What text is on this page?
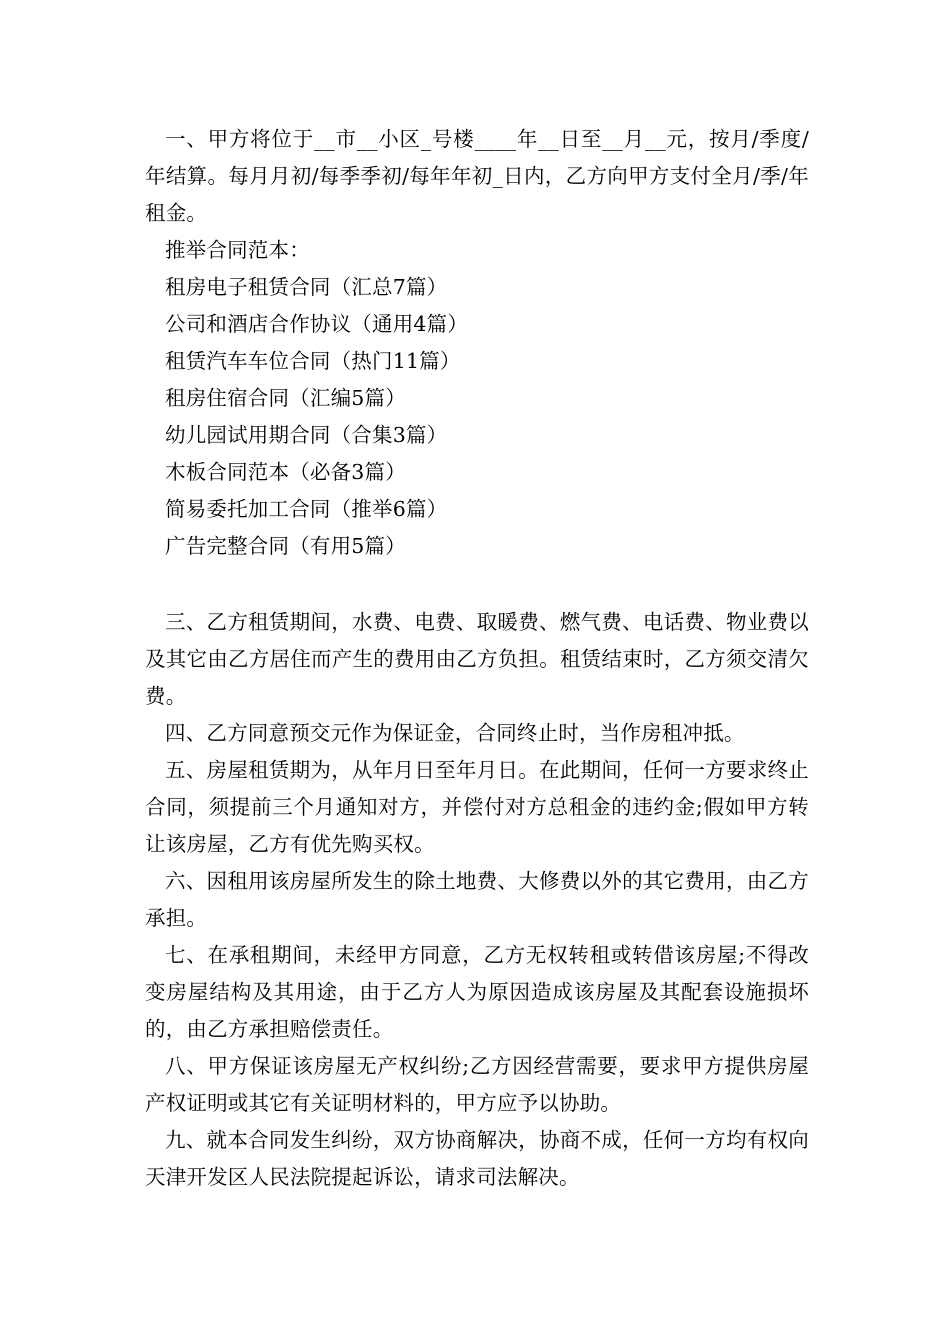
一、甲方将位于__市__小区_号楼____年__日至__月__元，按月/季度/年结算。每月月初/每季季初/每年年初_日内，乙方向甲方支付全月/季/年租金。

推举合同范本：

租房电子租赁合同（汇总7篇）

公司和酒店合作协议（通用4篇）

租赁汽车车位合同（热门11篇）

租房住宿合同（汇编5篇）

幼儿园试用期合同（合集3篇）

木板合同范本（必备3篇）

简易委托加工合同（推举6篇）

广告完整合同（有用5篇）

三、乙方租赁期间，水费、电费、取暖费、燃气费、电话费、物业费以及其它由乙方居住而产生的费用由乙方负担。租赁结束时，乙方须交清欠费。

四、乙方同意预交元作为保证金，合同终止时，当作房租冲抵。

五、房屋租赁期为，从年月日至年月日。在此期间，任何一方要求终止合同，须提前三个月通知对方，并偿付对方总租金的违约金;假如甲方转让该房屋，乙方有优先购买权。

六、因租用该房屋所发生的除土地费、大修费以外的其它费用，由乙方承担。

七、在承租期间，未经甲方同意，乙方无权转租或转借该房屋;不得改变房屋结构及其用途，由于乙方人为原因造成该房屋及其配套设施损坏的，由乙方承担赔偿责任。

八、甲方保证该房屋无产权纠纷;乙方因经营需要，要求甲方提供房屋产权证明或其它有关证明材料的，甲方应予以协助。

九、就本合同发生纠纷，双方协商解决，协商不成，任何一方均有权向天津开发区人民法院提起诉讼，请求司法解决。
